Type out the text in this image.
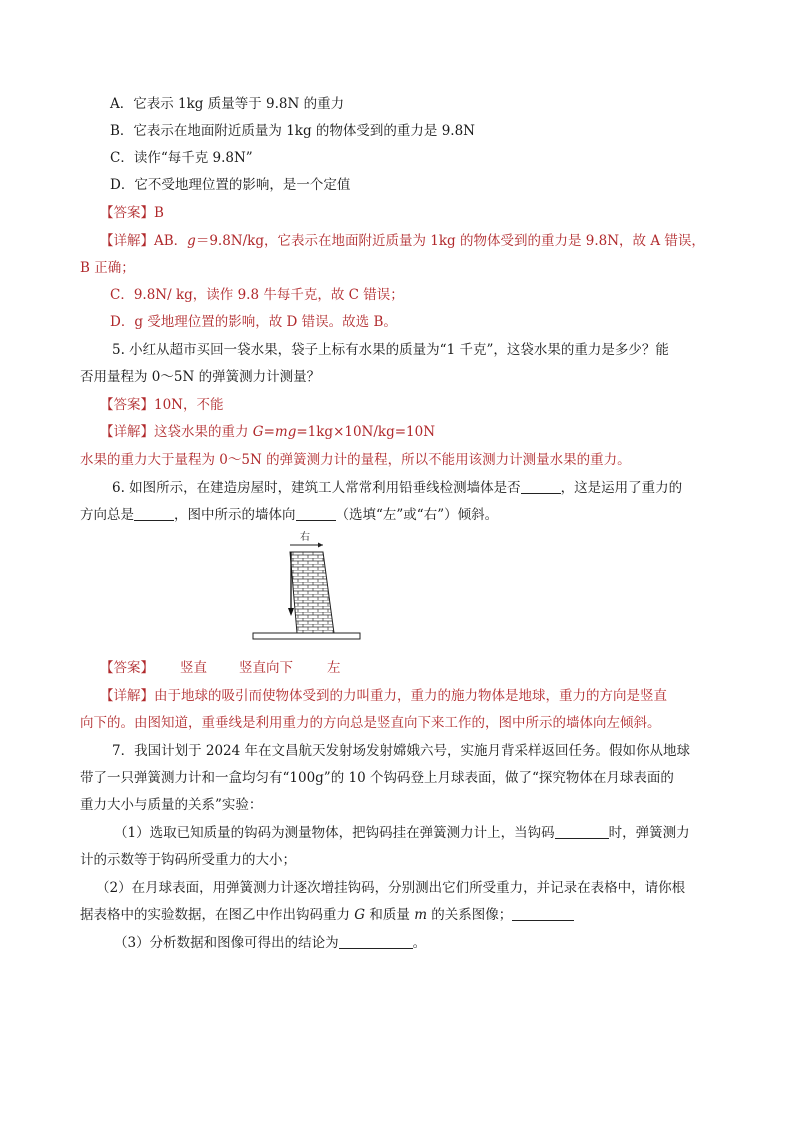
A．它表示 1kg 质量等于 9.8N 的重力
B．它表示在地面附近质量为 1kg 的物体受到的重力是 9.8N
C．读作“每千克 9.8N”
D．它不受地理位置的影响，是一个定值
【答案】B
【详解】AB．g＝9.8N/kg，它表示在地面附近质量为 1kg 的物体受到的重力是 9.8N，故 A 错误，
B 正确；
C．9.8N/ kg，读作 9.8 牛每千克，故 C 错误；
D．g 受地理位置的影响，故 D 错误。故选 B。
5. 小红从超市买回一袋水果，袋子上标有水果的质量为“1 千克”，这袋水果的重力是多少？能
否用量程为 0～5N 的弹簧测力计测量？
【答案】10N，不能
【详解】这袋水果的重力 G=mg=1kg×10N/kg=10N
水果的重力大于量程为 0～5N 的弹簧测力计的量程，所以不能用该测力计测量水果的重力。
6. 如图所示，在建造房屋时，建筑工人常常利用铅垂线检测墙体是否	，这是运用了重力的
方向总是	，图中所示的墙体向	（选填“左”或“右”）倾斜。
右
【答案】 竖直 竖直向下	左
【详解】由于地球的吸引而使物体受到的力叫重力，重力的施力物体是地球，重力的方向是竖直
向下的。由图知道，重垂线是利用重力的方向总是竖直向下来工作的，图中所示的墙体向左倾斜。
7．我国计划于 2024 年在文昌航天发射场发射嫦娥六号，实施月背采样返回任务。假如你从地球
带了一只弹簧测力计和一盒均匀有“100g”的 10 个钩码登上月球表面，做了“探究物体在月球表面的
重力大小与质量的关系”实验：
（1）选取已知质量的钩码为测量物体，把钩码挂在弹簧测力计上，当钩码	时，弹簧测力
计的示数等于钩码所受重力的大小；
（2）在月球表面，用弹簧测力计逐次增挂钩码，分别测出它们所受重力，并记录在表格中，请你根
据表格中的实验数据，在图乙中作出钩码重力 G 和质量 m 的关系图像；
（3）分析数据和图像可得出的结论为	。
